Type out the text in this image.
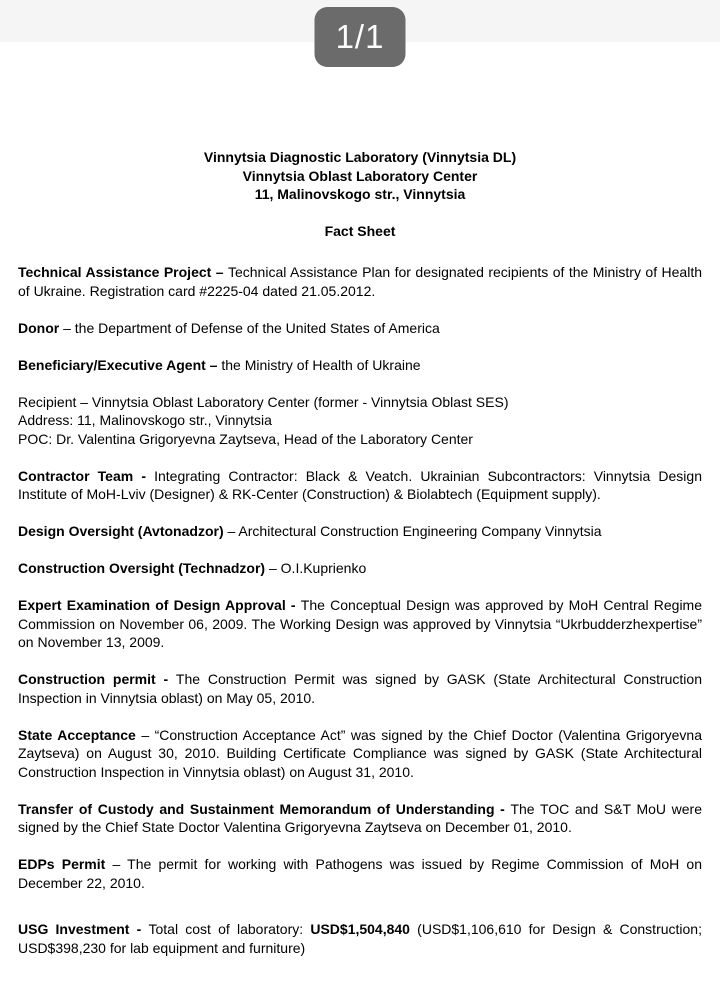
1/1
Vinnytsia Diagnostic Laboratory (Vinnytsia DL)
Vinnytsia Oblast Laboratory Center
11, Malinovskogo str., Vinnytsia
Fact Sheet

Technical Assistance Project – Technical Assistance Plan for designated recipients of the Ministry of Health of Ukraine. Registration card #2225-04 dated 21.05.2012.

Donor – the Department of Defense of the United States of America

Beneficiary/Executive Agent – the Ministry of Health of Ukraine

Recipient – Vinnytsia Oblast Laboratory Center (former - Vinnytsia Oblast SES)
Address: 11, Malinovskogo str., Vinnytsia
POC: Dr. Valentina Grigoryevna Zaytseva, Head of the Laboratory Center

Contractor Team - Integrating Contractor: Black & Veatch. Ukrainian Subcontractors: Vinnytsia Design Institute of MoH-Lviv (Designer) & RK-Center (Construction) & Biolabtech (Equipment supply).

Design Oversight (Avtonadzor) – Architectural Construction Engineering Company Vinnytsia

Construction Oversight (Technadzor) – O.I.Kuprienko

Expert Examination of Design Approval - The Conceptual Design was approved by MoH Central Regime Commission on November 06, 2009. The Working Design was approved by Vinnytsia “Ukrbudderzhexpertise” on November 13, 2009.

Construction permit - The Construction Permit was signed by GASK (State Architectural Construction Inspection in Vinnytsia oblast) on May 05, 2010.

State Acceptance – “Construction Acceptance Act” was signed by the Chief Doctor (Valentina Grigoryevna Zaytseva) on August 30, 2010. Building Certificate Compliance was signed by GASK (State Architectural Construction Inspection in Vinnytsia oblast) on August 31, 2010.

Transfer of Custody and Sustainment Memorandum of Understanding - The TOC and S&T MoU were signed by the Chief State Doctor Valentina Grigoryevna Zaytseva on December 01, 2010.

EDPs Permit – The permit for working with Pathogens was issued by Regime Commission of MoH on December 22, 2010.

USG Investment - Total cost of laboratory: USD$1,504,840 (USD$1,106,610 for Design & Construction; USD$398,230 for lab equipment and furniture)
